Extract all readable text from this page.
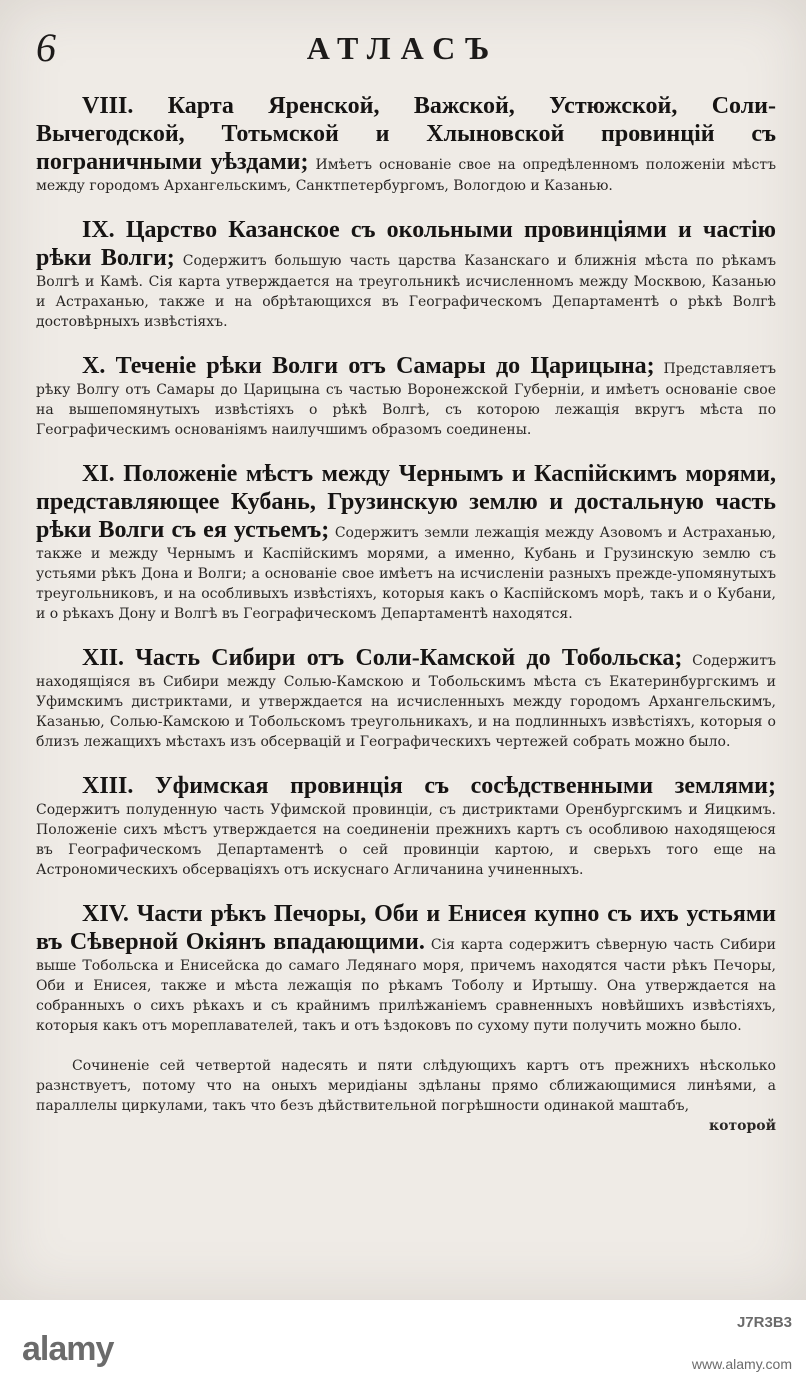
6	АТЛАСЪ

VIII. Карта Яренской, Важской, Устюжской, Соли-Вычегодской, Тотьмской и Хлыновской провинцій съ пограничными уѣздами; Имѣетъ основаніе свое на опредѣленномъ положеніи мѣстъ между городомъ Архангельскимъ, Санктпетербургомъ, Вологдою и Казанью.

IX. Царство Казанское съ окольными провинціями и частію рѣки Волги; Содержитъ большую часть царства Казанскаго и ближнія мѣста по рѣкамъ Волгѣ и Камѣ. Сія карта утверждается на треугольникѣ исчисленномъ между Москвою, Казанью и Астраханью, также и на обрѣтающихся въ Географическомъ Департаментѣ о рѣкѣ Волгѣ достовѣрныхъ извѣстіяхъ.

X. Теченіе рѣки Волги отъ Самары до Царицына; Представляетъ рѣку Волгу отъ Самары до Царицына съ частью Воронежской Губерніи, и имѣетъ основаніе свое на вышепомянутыхъ извѣстіяхъ о рѣкѣ Волгѣ, съ которою лежащія вкругъ мѣста по Географическимъ основаніямъ наилучшимъ образомъ соединены.

XI. Положеніе мѣстъ между Чернымъ и Каспійскимъ морями, представляющее Кубань, Грузинскую землю и достальную часть рѣки Волги съ ея устьемъ; Содержитъ земли лежащія между Азовомъ и Астраханью, также и между Чернымъ и Каспійскимъ морями, а именно, Кубань и Грузинскую землю съ устьями рѣкъ Дона и Волги; а основаніе свое имѣетъ на исчисленіи разныхъ прежде-упомянутыхъ треугольниковъ, и на особливыхъ извѣстіяхъ, которыя какъ о Каспійскомъ морѣ, такъ и о Кубани, и о рѣкахъ Дону и Волгѣ въ Географическомъ Департаментѣ находятся.

XII. Часть Сибири отъ Соли-Камской до Тобольска; Содержитъ находящіяся въ Сибири между Солью-Камскою и Тобольскимъ мѣста съ Екатеринбургскимъ и Уфимскимъ дистриктами, и утверждается на исчисленныхъ между городомъ Архангельскимъ, Казанью, Солью-Камскою и Тобольскомъ треугольникахъ, и на подлинныхъ извѣстіяхъ, которыя о близъ лежащихъ мѣстахъ изъ обсервацій и Географическихъ чертежей собрать можно было.

XIII. Уфимская провинція съ сосѣдственными землями; Содержитъ полуденную часть Уфимской провинціи, съ дистриктами Оренбургскимъ и Яицкимъ. Положеніе сихъ мѣстъ утверждается на соединеніи прежнихъ картъ съ особливою находящеюся въ Географическомъ Департаментѣ о сей провинціи картою, и сверьхъ того еще на Астрономическихъ обсерваціяхъ отъ искуснаго Агличанина учиненныхъ.

XIV. Части рѣкъ Печоры, Оби и Енисея купно съ ихъ устьями въ Сѣверной Окіянъ впадающими. Сія карта содержитъ сѣверную часть Сибири выше Тобольска и Енисейска до самаго Ледянаго моря, причемъ находятся части рѣкъ Печоры, Оби и Енисея, также и мѣста лежащія по рѣкамъ Тоболу и Иртышу. Она утверждается на собранныхъ о сихъ рѣкахъ и съ крайнимъ прилѣжаніемъ сравненныхъ новѣйшихъ извѣстіяхъ, которыя какъ отъ мореплавателей, такъ и отъ ѣздоковъ по сухому пути получить можно было.

Сочиненіе сей четвертой надесять и пяти слѣдующихъ картъ отъ прежнихъ нѣсколько разнствуетъ, потому что на оныхъ меридіаны здѣланы прямо сближающимися линѣями, а параллелы циркулами, такъ что безъ дѣйствительной погрѣшности одинакой маштабъ,

которой
alamy
J7R3B3
www.alamy.com
